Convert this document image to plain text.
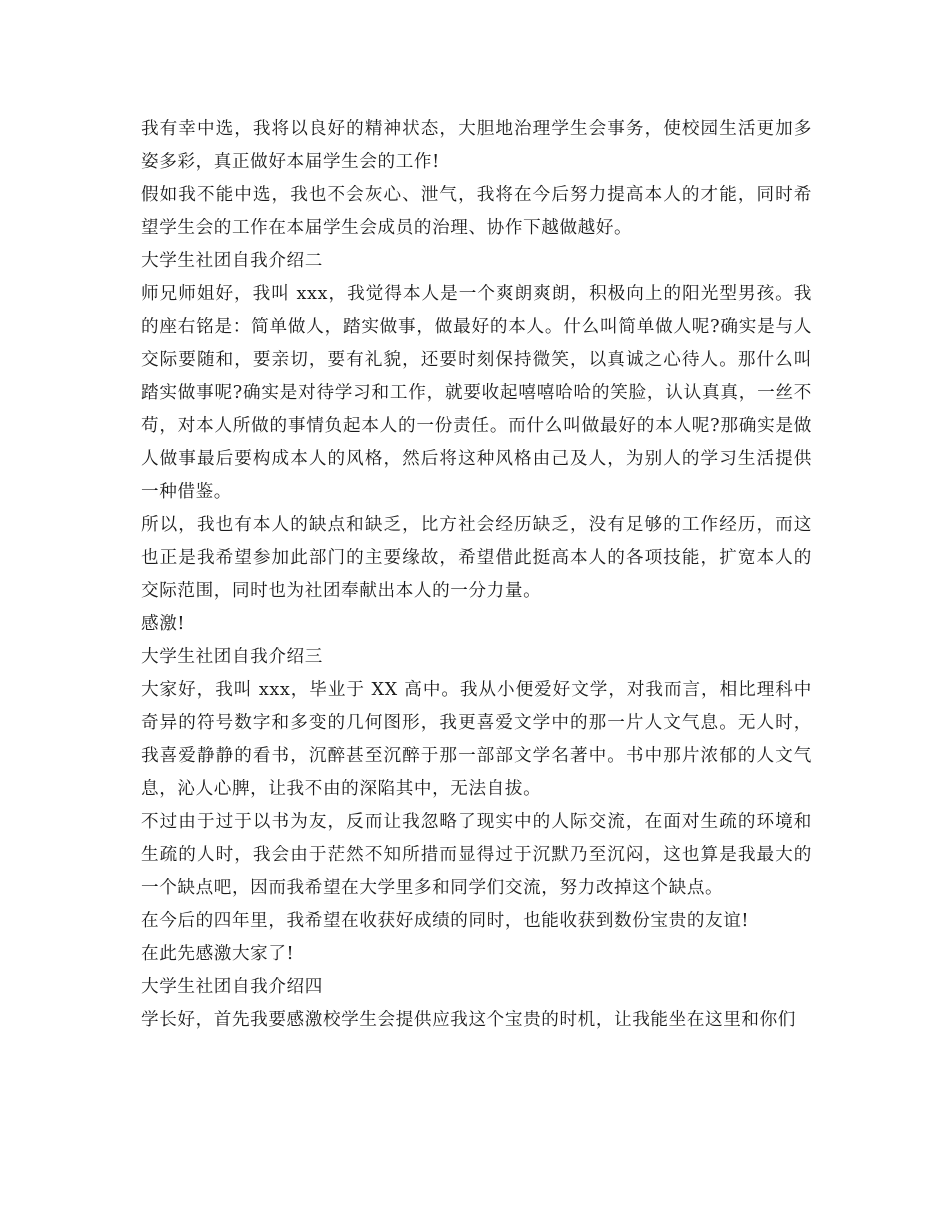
我有幸中选，我将以良好的精神状态，大胆地治理学生会事务，使校园生活更加多姿多彩，真正做好本届学生会的工作!

假如我不能中选，我也不会灰心、泄气，我将在今后努力提高本人的才能，同时希望学生会的工作在本届学生会成员的治理、协作下越做越好。

大学生社团自我介绍二

师兄师姐好，我叫 xxx，我觉得本人是一个爽朗爽朗，积极向上的阳光型男孩。我的座右铭是：简单做人，踏实做事，做最好的本人。什么叫简单做人呢?确实是与人交际要随和，要亲切，要有礼貌，还要时刻保持微笑，以真诚之心待人。那什么叫踏实做事呢?确实是对待学习和工作，就要收起嘻嘻哈哈的笑脸，认认真真，一丝不苟，对本人所做的事情负起本人的一份责任。而什么叫做最好的本人呢?那确实是做人做事最后要构成本人的风格，然后将这种风格由己及人，为别人的学习生活提供一种借鉴。

所以，我也有本人的缺点和缺乏，比方社会经历缺乏，没有足够的工作经历，而这也正是我希望参加此部门的主要缘故，希望借此挺高本人的各项技能，扩宽本人的交际范围，同时也为社团奉献出本人的一分力量。

感激!

大学生社团自我介绍三

大家好，我叫 xxx，毕业于 XX 高中。我从小便爱好文学，对我而言，相比理科中奇异的符号数字和多变的几何图形，我更喜爱文学中的那一片人文气息。无人时，我喜爱静静的看书，沉醉甚至沉醉于那一部部文学名著中。书中那片浓郁的人文气息，沁人心脾，让我不由的深陷其中，无法自拔。

不过由于过于以书为友，反而让我忽略了现实中的人际交流，在面对生疏的环境和生疏的人时，我会由于茫然不知所措而显得过于沉默乃至沉闷，这也算是我最大的一个缺点吧，因而我希望在大学里多和同学们交流，努力改掉这个缺点。

在今后的四年里，我希望在收获好成绩的同时，也能收获到数份宝贵的友谊!

在此先感激大家了!

大学生社团自我介绍四

学长好，首先我要感激校学生会提供应我这个宝贵的时机，让我能坐在这里和你们
